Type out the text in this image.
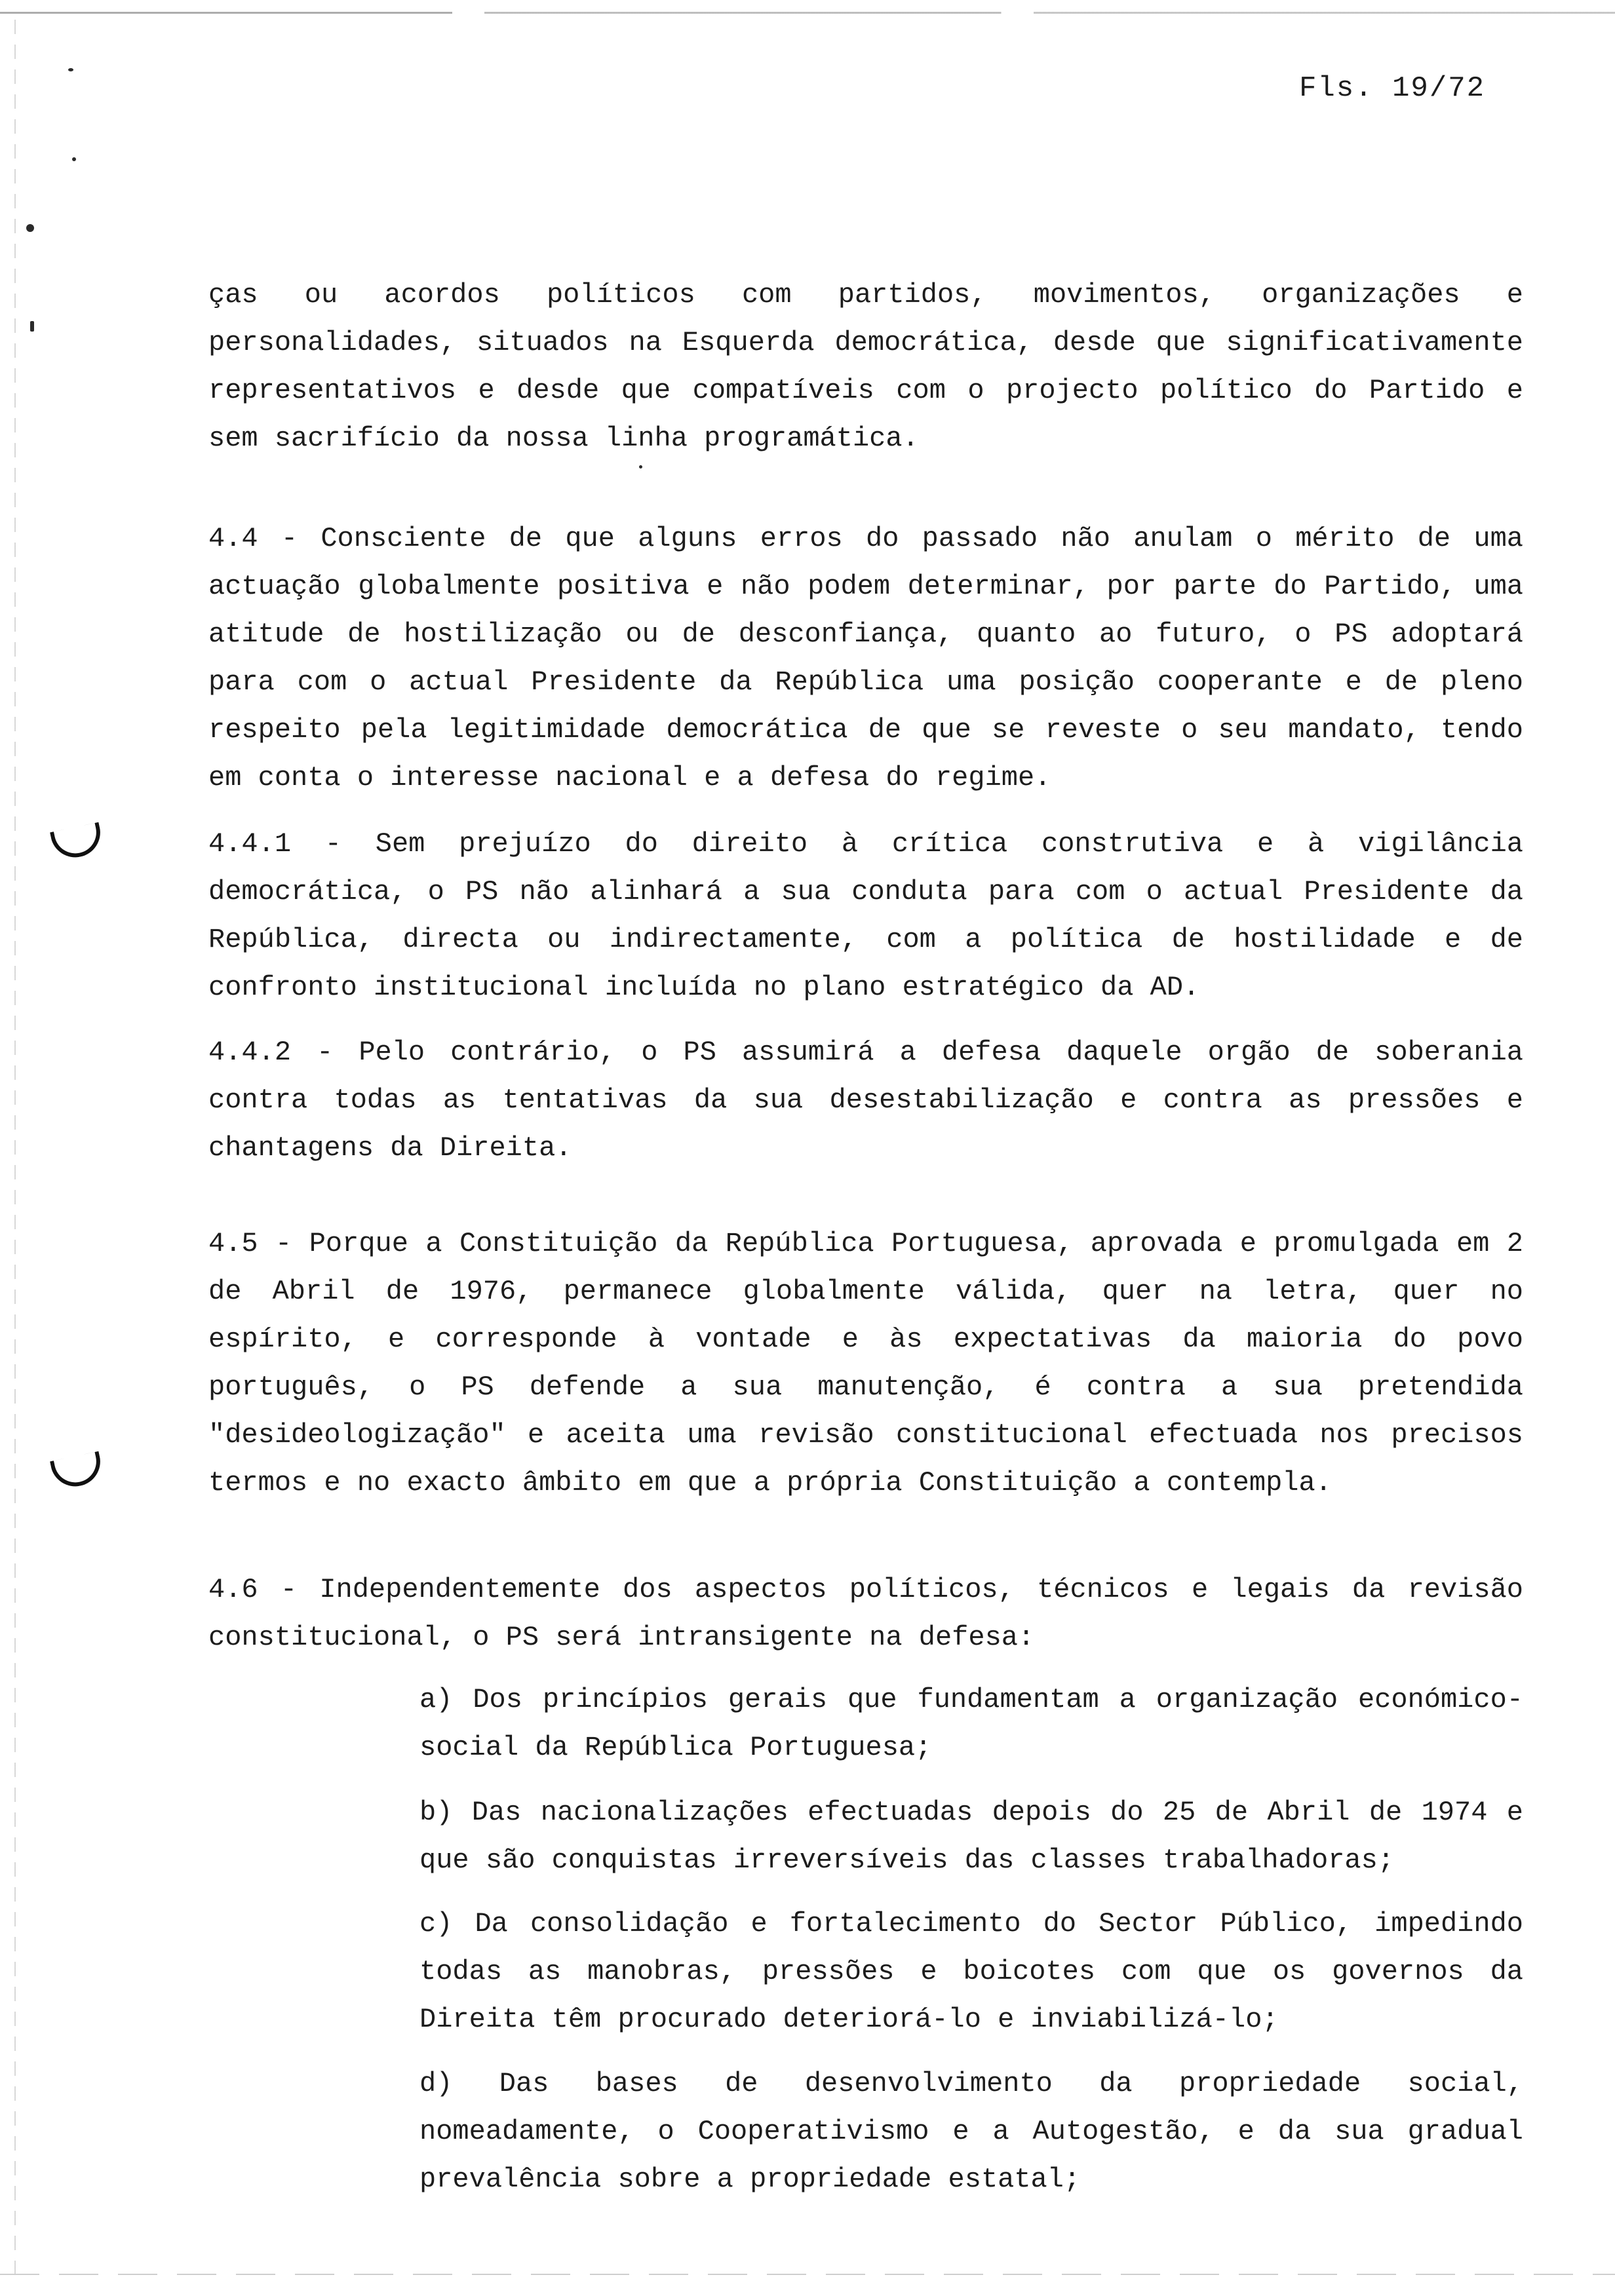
Fls. 19/72

ças ou acordos políticos com partidos, movimentos, organizações e personalidades, situados na Esquerda democrática, desde que significativamente representativos e desde que compatíveis com o projecto político do Partido e sem sacrifício da nossa linha programática.

4.4 - Consciente de que alguns erros do passado não anulam o mérito de uma actuação globalmente positiva e não podem determinar, por parte do Partido, uma atitude de hostilização ou de desconfiança, quanto ao futuro, o PS adoptará para com o actual Presidente da República uma posição cooperante e de pleno respeito pela legitimidade democrática de que se reveste o seu mandato, tendo em conta o interesse nacional e a defesa do regime.

4.4.1 - Sem prejuízo do direito à crítica construtiva e à vigilância democrática, o PS não alinhará a sua conduta para com o actual Presidente da República, directa ou indirectamente, com a política de hostilidade e de confronto institucional incluída no plano estratégico da AD.

4.4.2 - Pelo contrário, o PS assumirá a defesa daquele orgão de soberania contra todas as tentativas da sua desestabilização e contra as pressões e chantagens da Direita.

4.5 - Porque a Constituição da República Portuguesa, aprovada e promulgada em 2 de Abril de 1976, permanece globalmente válida, quer na letra, quer no espírito, e corresponde à vontade e às expectativas da maioria do povo português, o PS defende a sua manutenção, é contra a sua pretendida "desideologização" e aceita uma revisão constitucional efectuada nos precisos termos e no exacto âmbito em que a própria Constituição a contempla.

4.6 - Independentemente dos aspectos políticos, técnicos e legais da revisão constitucional, o PS será intransigente na defesa:

a) Dos princípios gerais que fundamentam a organização económico-social da República Portuguesa;

b) Das nacionalizações efectuadas depois do 25 de Abril de 1974 e que são conquistas irreversíveis das classes trabalhadoras;

c) Da consolidação e fortalecimento do Sector Público, impedindo todas as manobras, pressões e boicotes com que os governos da Direita têm procurado deteriorá-lo e inviabilizá-lo;

d) Das bases de desenvolvimento da propriedade social, nomeadamente, o Cooperativismo e a Autogestão, e da sua gradual prevalência sobre a propriedade estatal;
